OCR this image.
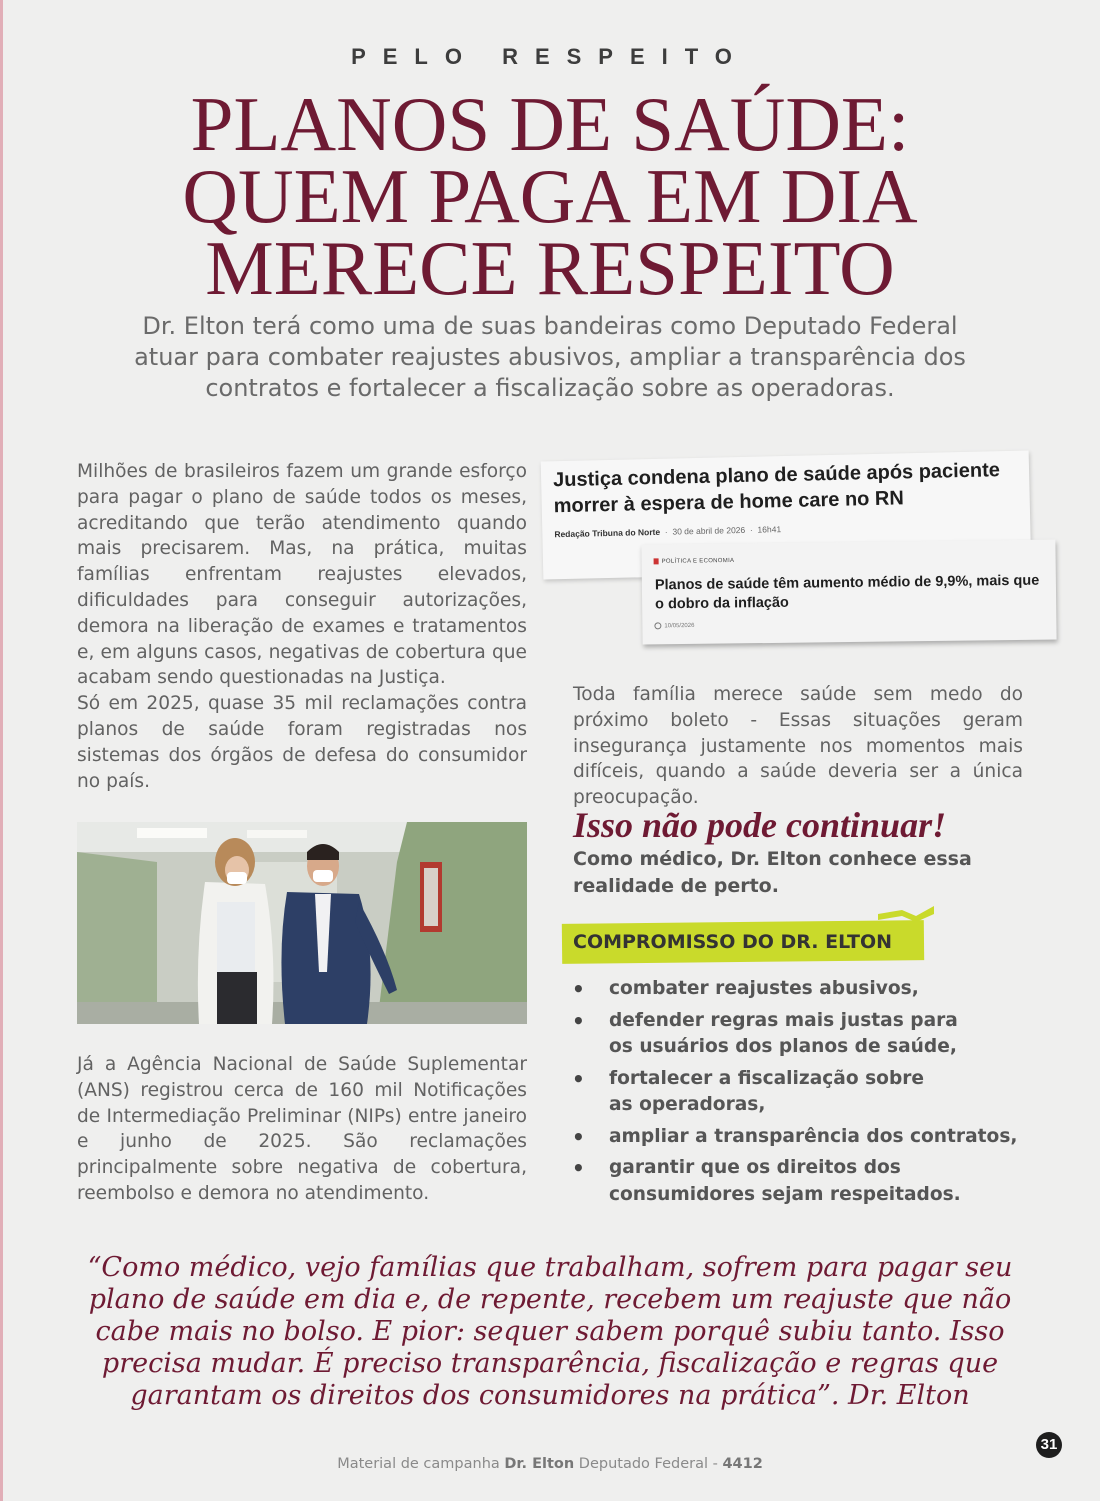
PELO RESPEITO
PLANOS DE SAÚDE:
QUEM PAGA EM DIA
MERECE RESPEITO
Dr. Elton terá como uma de suas bandeiras como Deputado Federal
atuar para combater reajustes abusivos, ampliar a transparência dos
contratos e fortalecer a fiscalização sobre as operadoras.

Milhões de brasileiros fazem um grande esforço para pagar o plano de saúde todos os meses, acreditando que terão atendimento quando mais precisarem. Mas, na prática, muitas famílias enfrentam reajustes elevados, dificuldades para conseguir autorizações, demora na liberação de exames e tratamentos e, em alguns casos, negativas de cobertura que acabam sendo questionadas na Justiça.

Só em 2025, quase 35 mil reclamações contra planos de saúde foram registradas nos sistemas dos órgãos de defesa do consumidor no país.

Justiça condena plano de saúde após paciente morrer à espera de home care no RN
Redação Tribuna do Norte  ·  30 de abril de 2026  ·  16h41
POLÍTICA E ECONOMIA
Planos de saúde têm aumento médio de 9,9%, mais que o dobro da inflação
10/05/2026

Toda família merece saúde sem medo do próximo boleto - Essas situações geram insegurança justamente nos momentos mais difíceis, quando a saúde deveria ser a única preocupação.

Já a Agência Nacional de Saúde Suplementar (ANS) registrou cerca de 160 mil Notificações de Intermediação Preliminar (NIPs) entre janeiro e junho de 2025. São reclamações principalmente sobre negativa de cobertura, reembolso e demora no atendimento.

Isso não pode continuar!
Como médico, Dr. Elton conhece essa
realidade de perto.
COMPROMISSO DO DR. ELTON
• combater reajustes abusivos,
• defender regras mais justas para
os usuários dos planos de saúde,
• fortalecer a fiscalização sobre
as operadoras,
• ampliar a transparência dos contratos,
• garantir que os direitos dos
consumidores sejam respeitados.
“Como médico, vejo famílias que trabalham, sofrem para pagar seu
plano de saúde em dia e, de repente, recebem um reajuste que não
cabe mais no bolso. E pior: sequer sabem porquê subiu tanto. Isso
precisa mudar. É preciso transparência, fiscalização e regras que
garantam os direitos dos consumidores na prática”. Dr. Elton
31
Material de campanha Dr. Elton Deputado Federal - 4412
